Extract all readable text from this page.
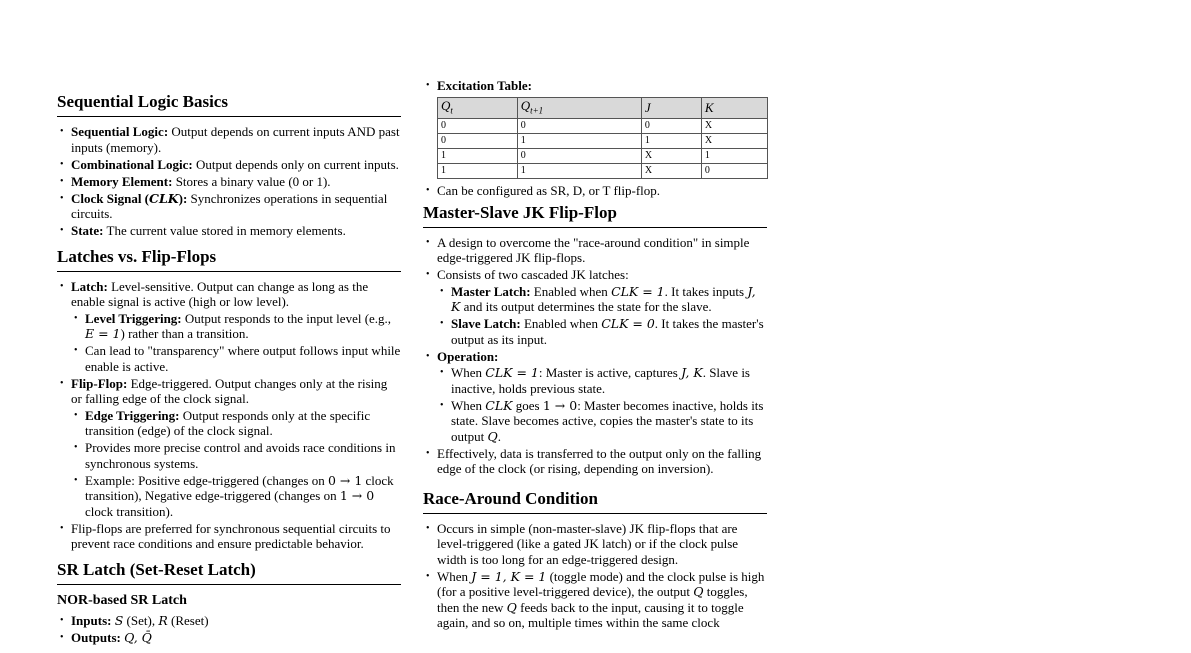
Sequential Logic Basics
• Sequential Logic: Output depends on current inputs AND past inputs (memory).
• Combinational Logic: Output depends only on current inputs.
• Memory Element: Stores a binary value (0 or 1).
• Clock Signal (CLK): Synchronizes operations in sequential circuits.
• State: The current value stored in memory elements.
Latches vs. Flip-Flops
• Latch: Level-sensitive. Output can change as long as the enable signal is active (high or low level).
• Level Triggering: Output responds to the input level (e.g., E = 1) rather than a transition.
• Can lead to "transparency" where output follows input while enable is active.
• Flip-Flop: Edge-triggered. Output changes only at the rising or falling edge of the clock signal.
• Edge Triggering: Output responds only at the specific transition (edge) of the clock signal.
• Provides more precise control and avoids race conditions in synchronous systems.
• Example: Positive edge-triggered (changes on 0 → 1 clock transition), Negative edge-triggered (changes on 1 → 0 clock transition).
• Flip-flops are preferred for synchronous sequential circuits to prevent race conditions and ensure predictable behavior.
SR Latch (Set-Reset Latch)
NOR-based SR Latch
• Inputs: S (Set), R (Reset)
• Outputs: Q, Q̄
• Excitation Table:
$Q_t$	$Q_{t+1}$	J	K
0	0	0	X
0	1	1	X
1	0	X	1
1	1	X	0
• Can be configured as SR, D, or T flip-flop.
Master-Slave JK Flip-Flop
• A design to overcome the "race-around condition" in simple edge-triggered JK flip-flops.
• Consists of two cascaded JK latches:
• Master Latch: Enabled when CLK = 1. It takes inputs J, K and its output determines the state for the slave.
• Slave Latch: Enabled when CLK = 0. It takes the master's output as its input.
• Operation:
• When CLK = 1: Master is active, captures J, K. Slave is inactive, holds previous state.
• When CLK goes 1 → 0: Master becomes inactive, holds its state. Slave becomes active, copies the master's state to its output Q.
• Effectively, data is transferred to the output only on the falling edge of the clock (or rising, depending on inversion).
Race-Around Condition
• Occurs in simple (non-master-slave) JK flip-flops that are level-triggered (like a gated JK latch) or if the clock pulse width is too long for an edge-triggered design.
• When J = 1, K = 1 (toggle mode) and the clock pulse is high (for a positive level-triggered device), the output Q toggles, then the new Q feeds back to the input, causing it to toggle again, and so on, multiple times within the same clock
